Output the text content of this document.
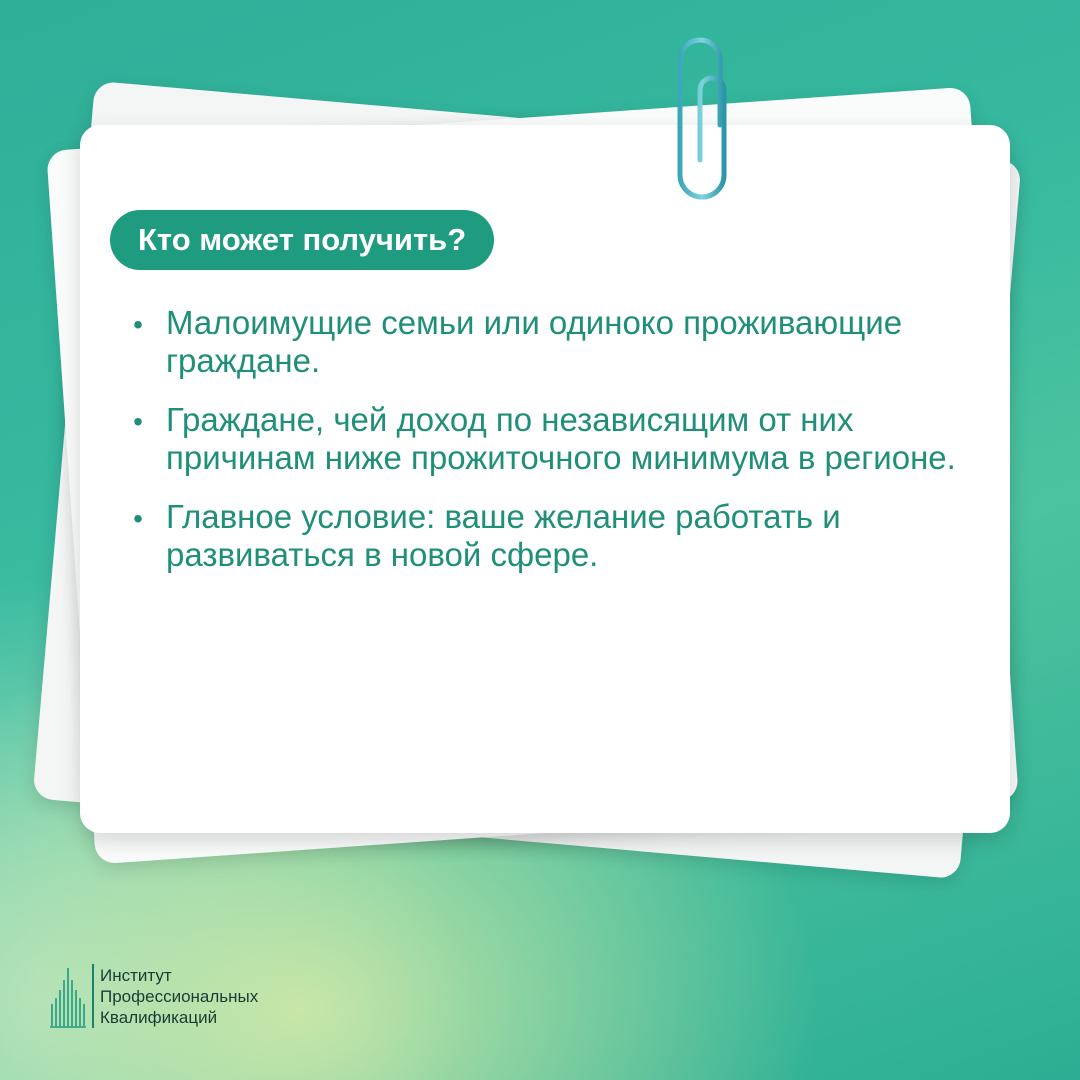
Кто может получить?
• Малоимущие семьи или одиноко проживающие граждане.
• Граждане, чей доход по независящим от них причинам ниже прожиточного минимума в регионе.
• Главное условие: ваше желание работать и развиваться в новой сфере.
Институт
Профессиональных
Квалификаций
